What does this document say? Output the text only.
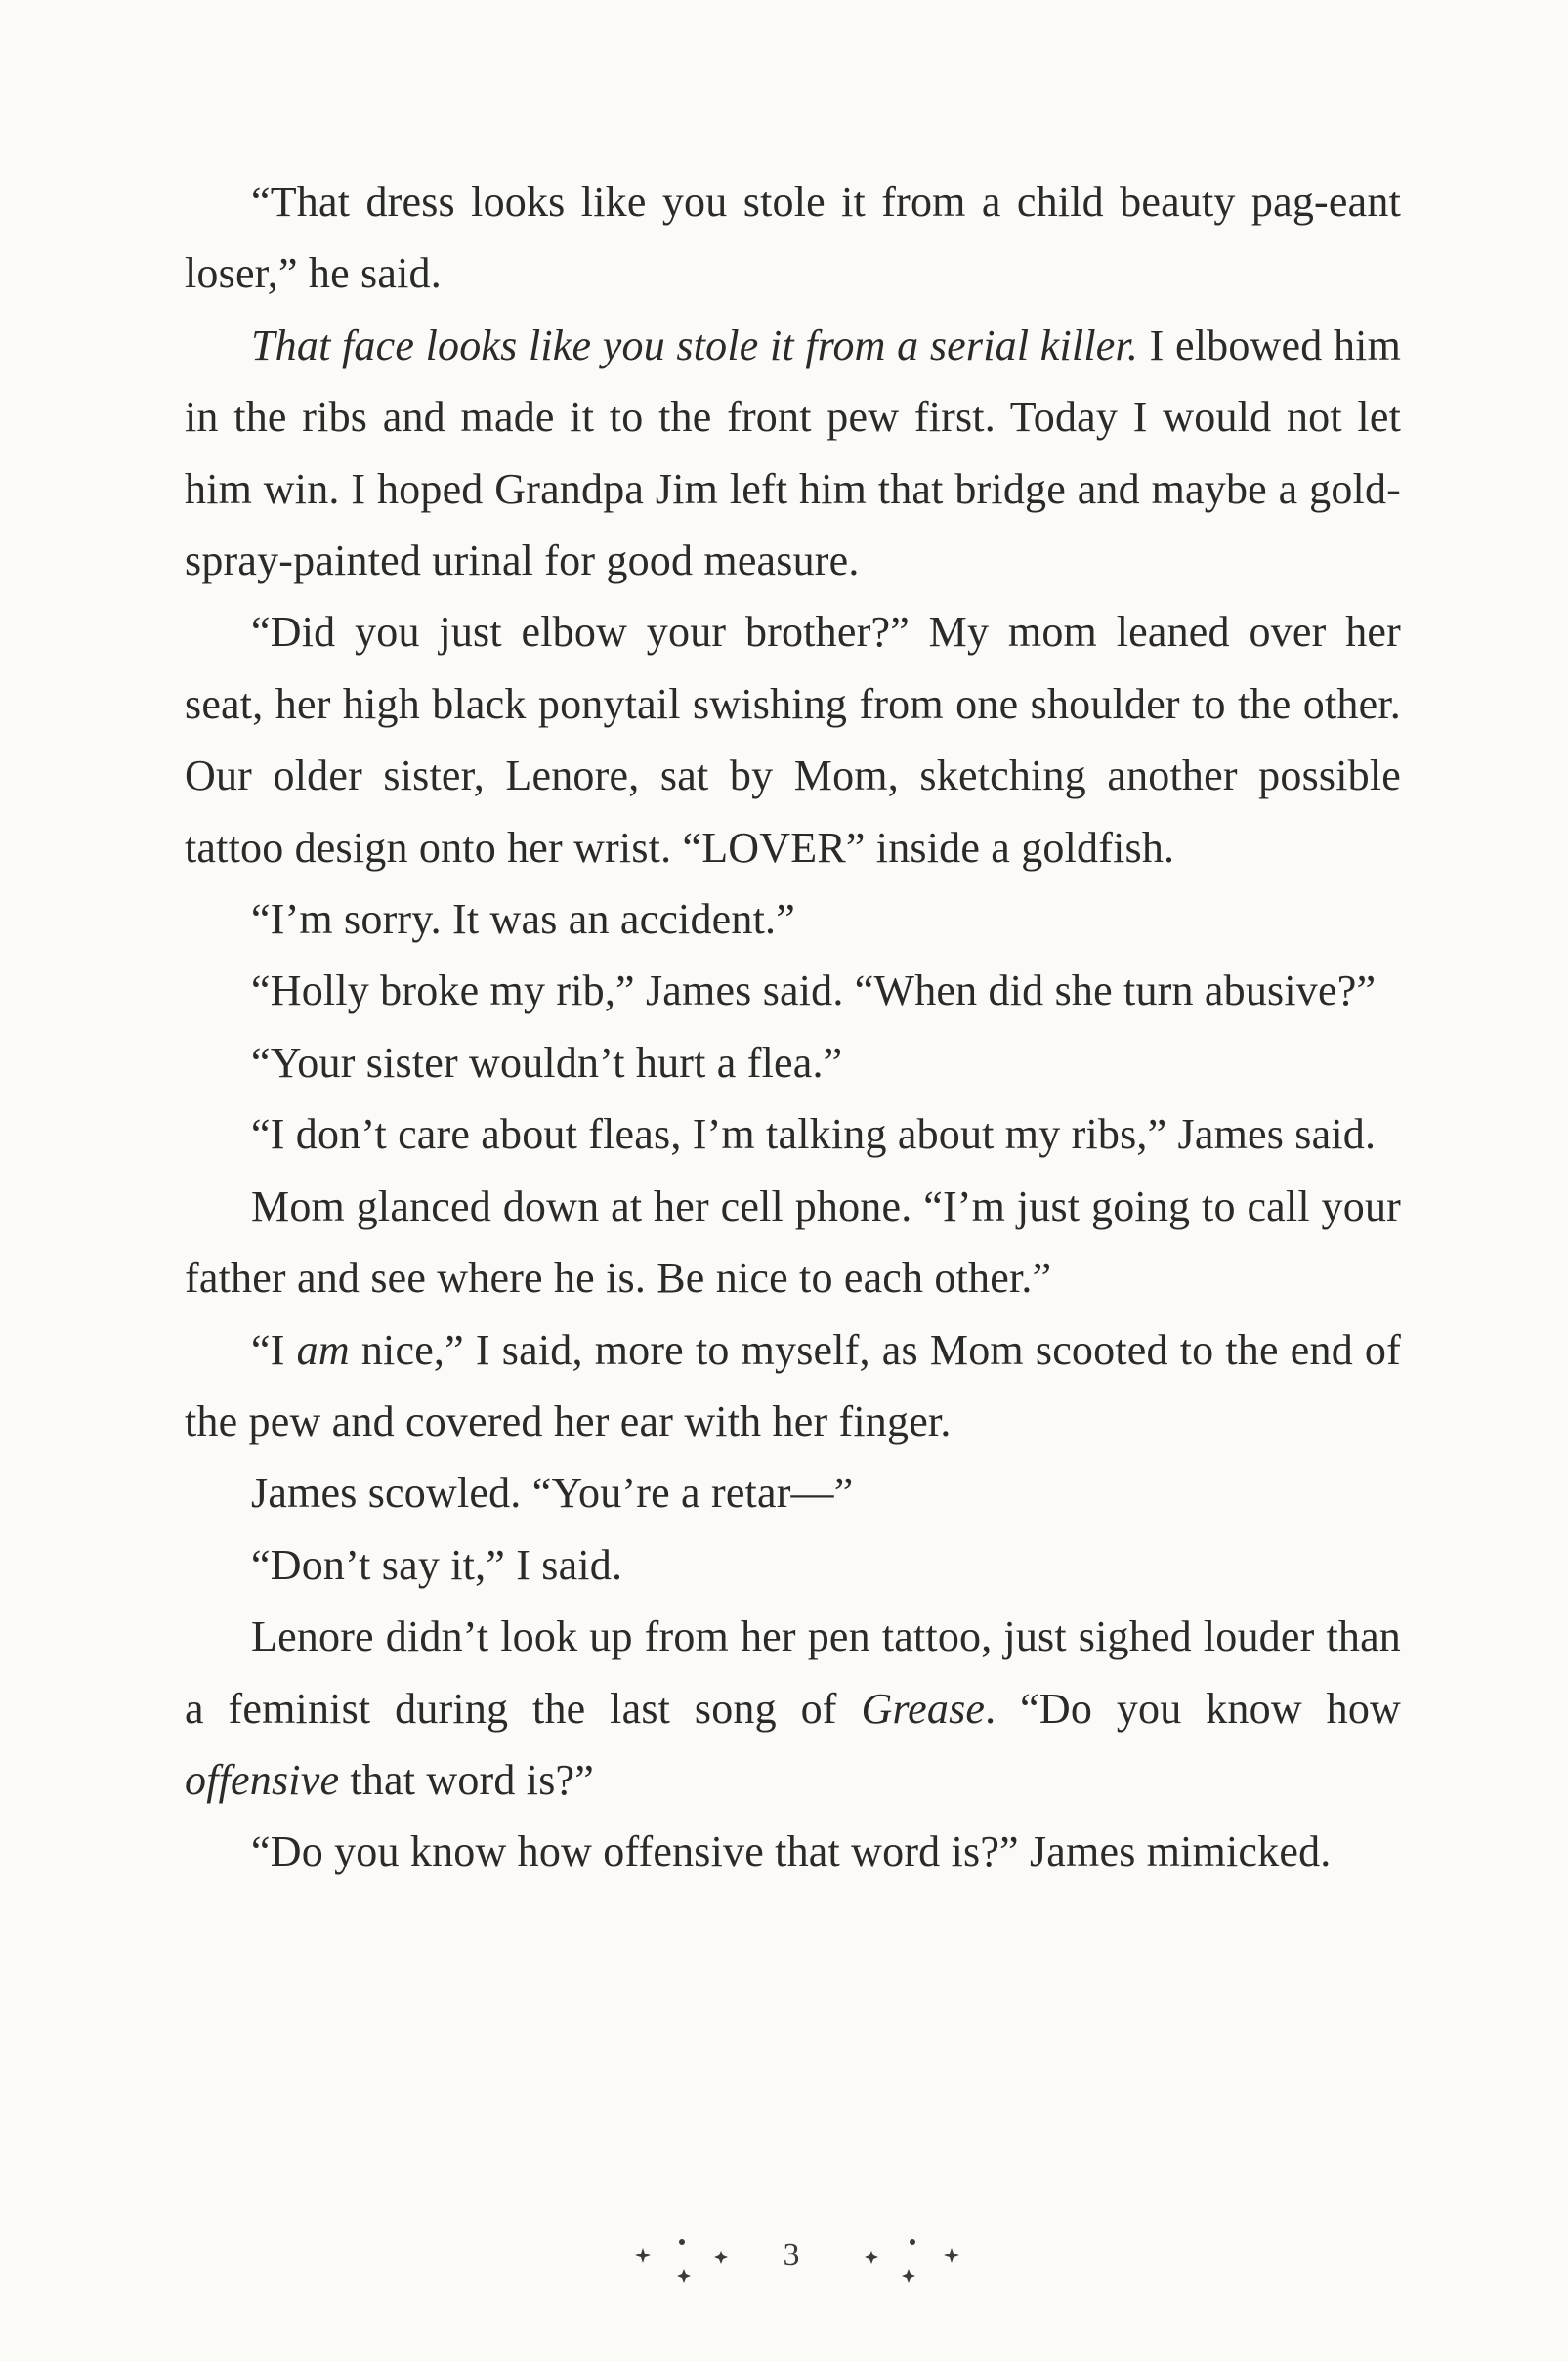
“That dress looks like you stole it from a child beauty pag-eant loser,” he said.

That face looks like you stole it from a serial killer. I elbowed him in the ribs and made it to the front pew first. Today I would not let him win. I hoped Grandpa Jim left him that bridge and maybe a gold-spray-painted urinal for good measure.

“Did you just elbow your brother?” My mom leaned over her seat, her high black ponytail swishing from one shoulder to the other. Our older sister, Lenore, sat by Mom, sketching another possible tattoo design onto her wrist. “LOVER” inside a goldfish.

“I’m sorry. It was an accident.”

“Holly broke my rib,” James said. “When did she turn abusive?”

“Your sister wouldn’t hurt a flea.”

“I don’t care about fleas, I’m talking about my ribs,” James said.

Mom glanced down at her cell phone. “I’m just going to call your father and see where he is. Be nice to each other.”

“I am nice,” I said, more to myself, as Mom scooted to the end of the pew and covered her ear with her finger.

James scowled. “You’re a retar—”

“Don’t say it,” I said.

Lenore didn’t look up from her pen tattoo, just sighed louder than a feminist during the last song of Grease. “Do you know how offensive that word is?”

“Do you know how offensive that word is?” James mimicked.

3
